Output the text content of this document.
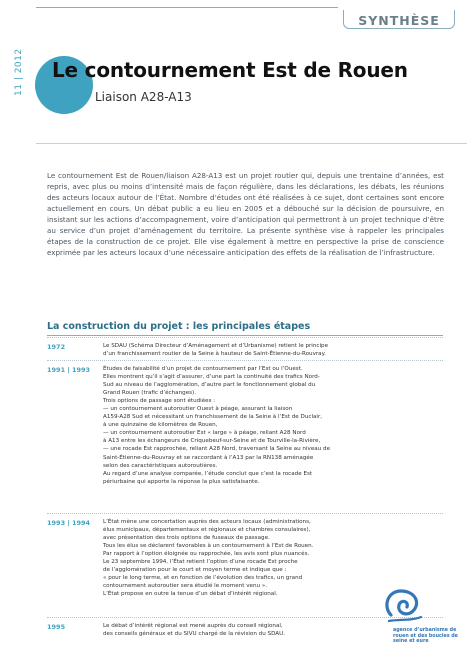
SYNTHÈSE
11 | 2012 Le contournement Est de Rouen

Liaison A28-A13

Le contournement Est de Rouen/liaison A28-A13 est un projet routier qui, depuis une trentaine d’années, est repris, avec plus ou moins d’intensité mais de façon régulière, dans les déclarations, les débats, les réunions des acteurs locaux autour de l’État. Nombre d’études ont été réalisées à ce sujet, dont certaines sont encore actuellement en cours. Un débat public a eu lieu en 2005 et a débouché sur la décision de poursuivre, en insistant sur les actions d’accompagnement, voire d’anticipation qui permettront à un projet technique d’être au service d’un projet d’aménagement du territoire. La présente synthèse vise à rappeler les principales étapes de la construction de ce projet. Elle vise également à mettre en perspective la prise de conscience exprimée par les acteurs locaux d’une nécessaire anticipation des effets de la réalisation de l’infrastructure.

La construction du projet : les principales étapes
1972	Le SDAU (Schéma Directeur d’Aménagement et d’Urbanisme) retient le principe
d’un franchissement routier de la Seine à hauteur de Saint-Étienne-du-Rouvray.
1991 | 1993 Études de faisabilité d’un projet de contournement par l’Est ou l’Ouest.
Elles montrent qu’il s’agit d’assurer, d’une part la continuité des trafics Nord-
Sud au niveau de l’agglomération, d’autre part le fonctionnement global du
Grand Rouen (trafic d’échanges).
Trois options de passage sont étudiées :
— un contournement autoroutier Ouest à péage, assurant la liaison
A159-A28 Sud et nécessitant un franchissement de la Seine à l’Est de Duclair,
à une quinzaine de kilomètres de Rouen,
— un contournement autoroutier Est « large » à péage, reliant A28 Nord
à A13 entre les échangeurs de Criquebeuf-sur-Seine et de Tourville-la-Rivière,
— une rocade Est rapprochée, reliant A28 Nord, traversant la Seine au niveau de
Saint-Étienne-du-Rouvray et se raccordant à l’A13 par la RN138 aménagée
selon des caractéristiques autoroutières.
Au regard d’une analyse comparée, l’étude conclut que c’est la rocade Est
périurbaine qui apporte la réponse la plus satisfaisante.
1993 | 1994 L’État mène une concertation auprès des acteurs locaux (administrations,
élus municipaux, départementaux et régionaux et chambres consulaires),
avec présentation des trois options de fuseaux de passage.
Tous les élus se déclarent favorables à un contournement à l’Est de Rouen.
Par rapport à l’option éloignée ou rapprochée, les avis sont plus nuancés.
Le 23 septembre 1994, l’État retient l’option d’une rocade Est proche
de l’agglomération pour le court et moyen terme et indique que :
« pour le long terme, et en fonction de l’évolution des trafics, un grand
contournement autoroutier sera étudié le moment venu ».
L’État propose en outre la tenue d’un débat d’intérêt régional.
1995	Le débat d’intérêt régional est mené auprès du conseil régional,
des conseils généraux et du SIVU chargé de la révision du SDAU.

agence d’urbanisme de rouen et des boucles de seine et eure
